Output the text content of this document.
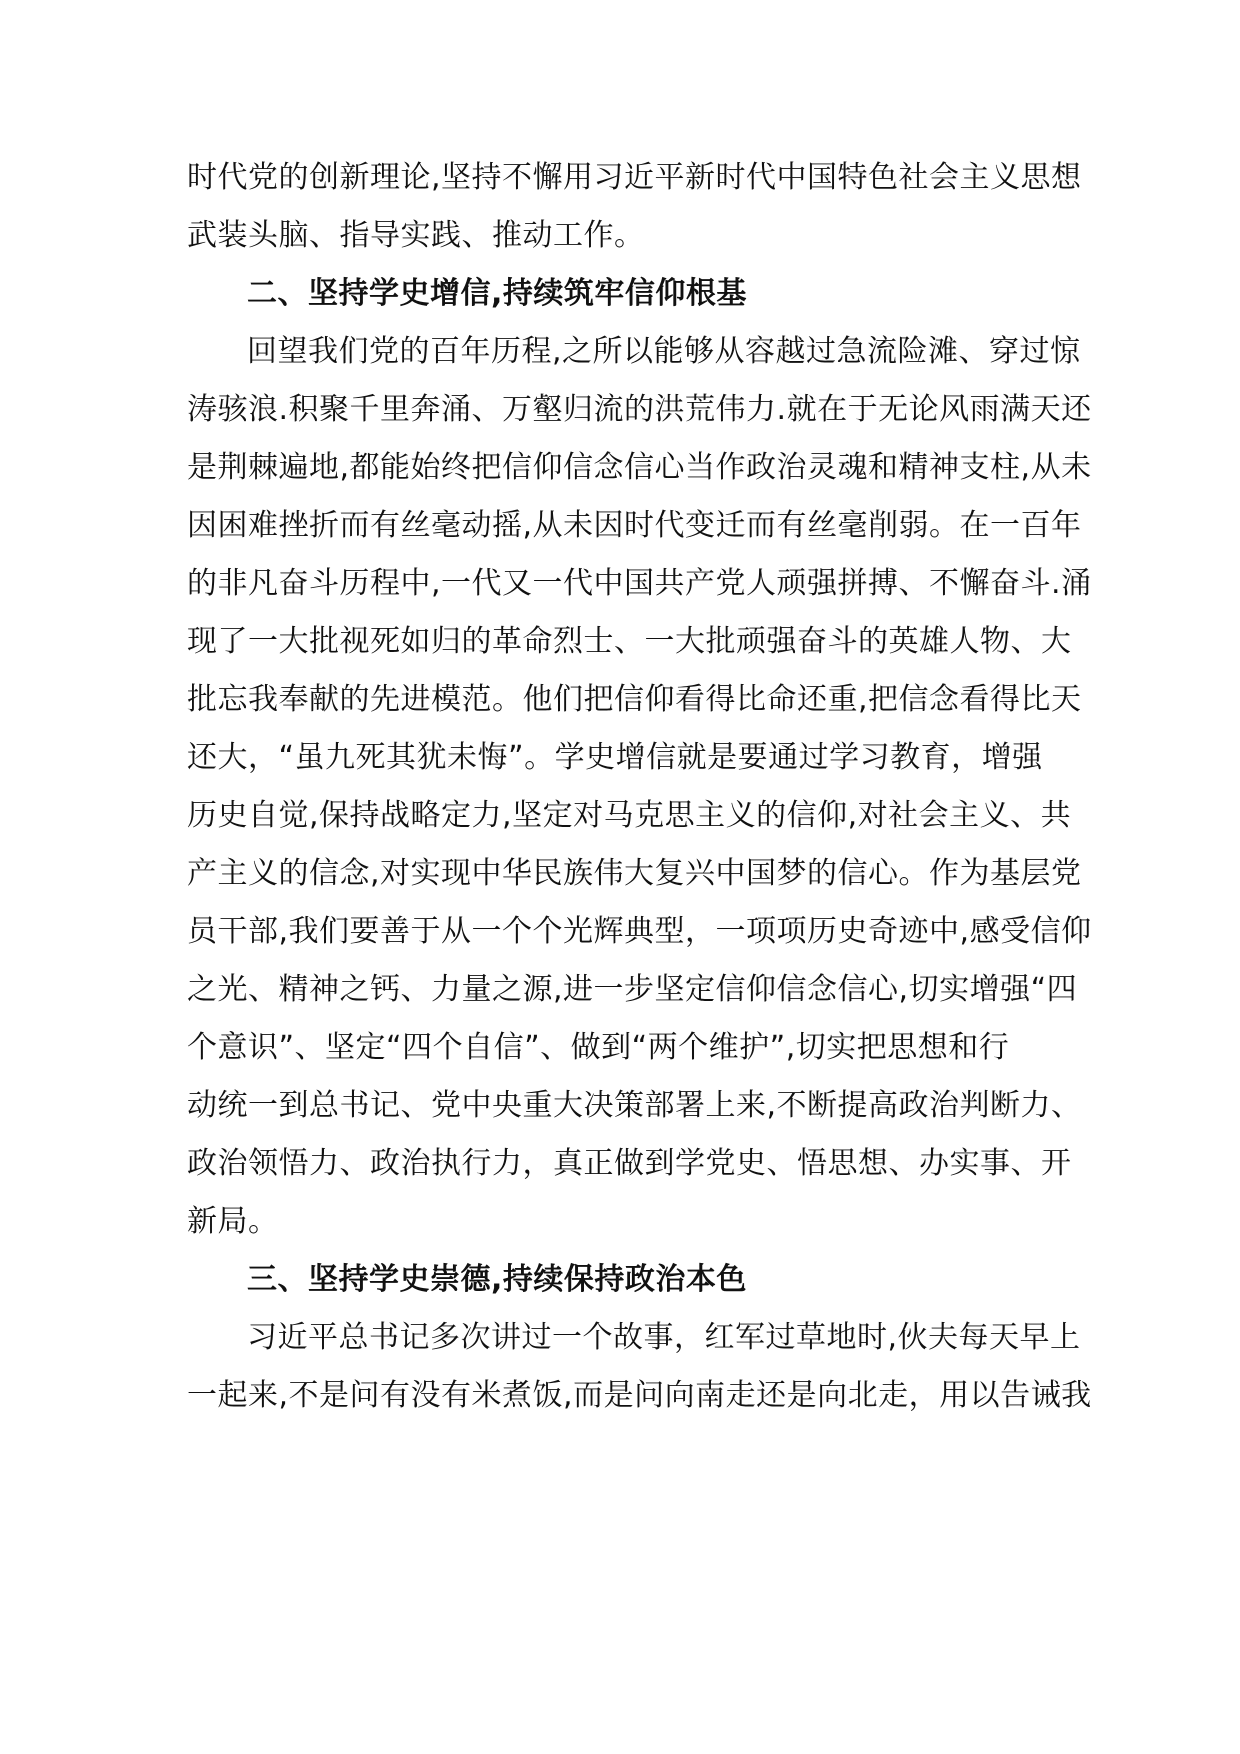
时代党的创新理论,坚持不懈用习近平新时代中国特色社会主义思想
武装头脑、指导实践、推动工作。
二、坚持学史增信,持续筑牢信仰根基
回望我们党的百年历程,之所以能够从容越过急流险滩、穿过惊
涛骇浪.积聚千里奔涌、万壑归流的洪荒伟力.就在于无论风雨满天还
是荆棘遍地,都能始终把信仰信念信心当作政治灵魂和精神支柱,从未
因困难挫折而有丝毫动摇,从未因时代变迁而有丝毫削弱。在一百年
的非凡奋斗历程中,一代又一代中国共产党人顽强拼搏、不懈奋斗.涌
现了一大批视死如归的革命烈士、一大批顽强奋斗的英雄人物、大
批忘我奉献的先进模范。他们把信仰看得比命还重,把信念看得比天
还大，“虽九死其犹未悔”。学史增信就是要通过学习教育，增强
历史自觉,保持战略定力,坚定对马克思主义的信仰,对社会主义、共
产主义的信念,对实现中华民族伟大复兴中国梦的信心。作为基层党
员干部,我们要善于从一个个光辉典型，一项项历史奇迹中,感受信仰
之光、精神之钙、力量之源,进一步坚定信仰信念信心,切实增强“四
个意识”、坚定“四个自信”、做到“两个维护”,切实把思想和行
动统一到总书记、党中央重大决策部署上来,不断提高政治判断力、
政治领悟力、政治执行力，真正做到学党史、悟思想、办实事、开
新局。
三、坚持学史崇德,持续保持政治本色
习近平总书记多次讲过一个故事，红军过草地时,伙夫每天早上
一起来,不是问有没有米煮饭,而是问向南走还是向北走，用以告诫我
